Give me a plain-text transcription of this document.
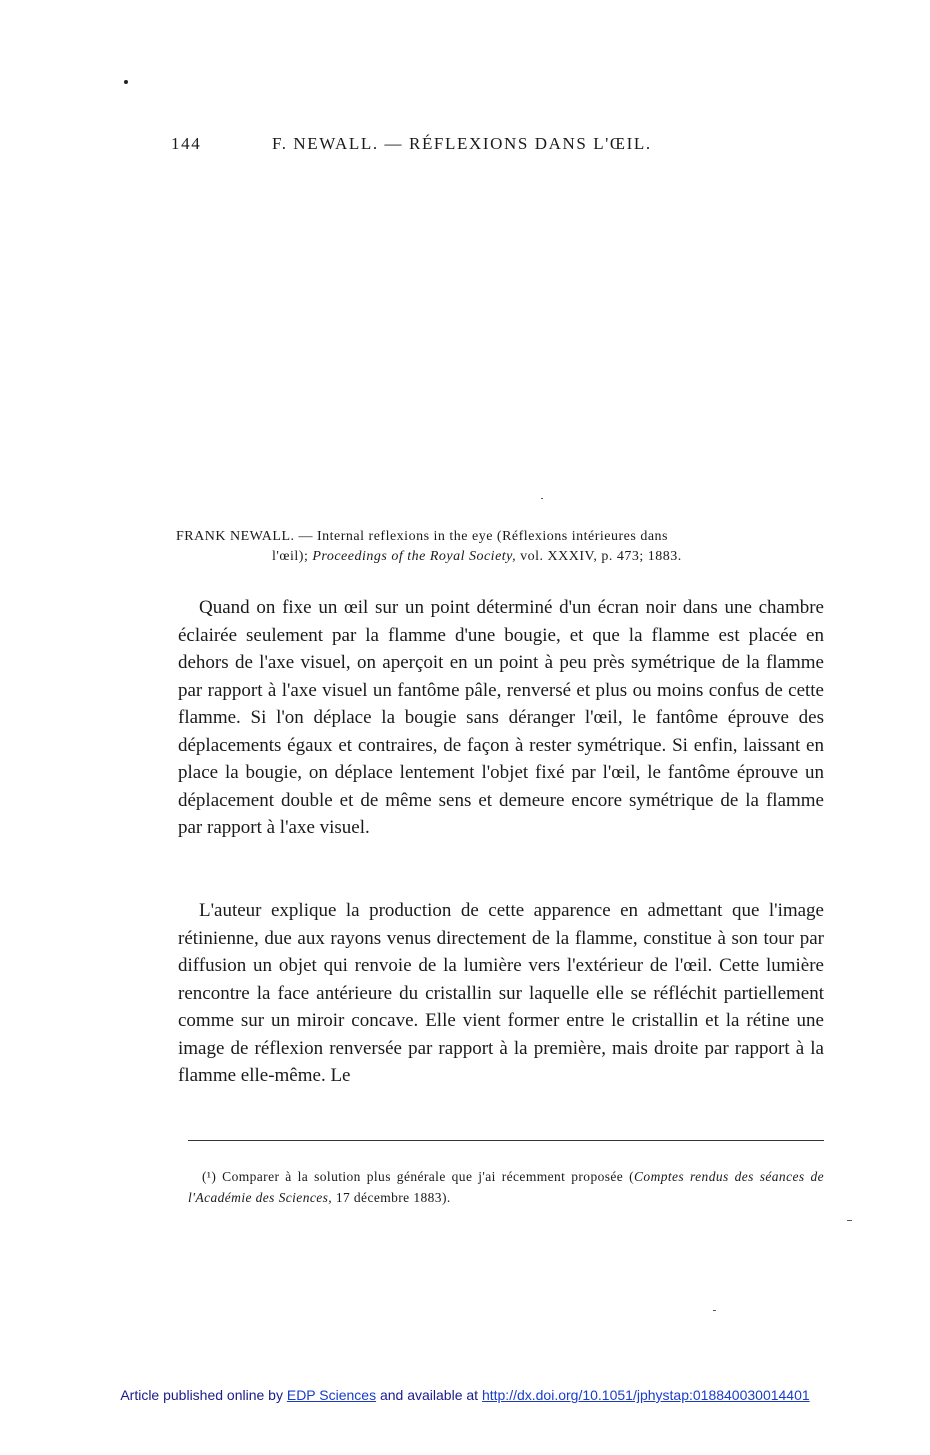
144	F. NEWALL. — RÉFLEXIONS DANS L'ŒIL.
FRANK NEWALL. — Internal reflexions in the eye (Réflexions intérieures dans
l'œil); Proceedings of the Royal Society, vol. XXXIV, p. 473; 1883.
Quand on fixe un œil sur un point déterminé d'un écran noir dans une chambre éclairée seulement par la flamme d'une bougie, et que la flamme est placée en dehors de l'axe visuel, on aperçoit en un point à peu près symétrique de la flamme par rapport à l'axe visuel un fantôme pâle, renversé et plus ou moins confus de cette flamme. Si l'on déplace la bougie sans déranger l'œil, le fantôme éprouve des déplacements égaux et contraires, de façon à rester symétrique. Si enfin, laissant en place la bougie, on déplace lentement l'objet fixé par l'œil, le fantôme éprouve un déplacement double et de même sens et demeure encore symétrique de la flamme par rapport à l'axe visuel.
L'auteur explique la production de cette apparence en admettant que l'image rétinienne, due aux rayons venus directement de la flamme, constitue à son tour par diffusion un objet qui renvoie de la lumière vers l'extérieur de l'œil. Cette lumière rencontre la face antérieure du cristallin sur laquelle elle se réfléchit partiellement comme sur un miroir concave. Elle vient former entre le cristallin et la rétine une image de réflexion renversée par rapport à la première, mais droite par rapport à la flamme elle-même. Le
(¹) Comparer à la solution plus générale que j'ai récemment proposée (Comptes rendus des séances de l'Académie des Sciences, 17 décembre 1883).
Article published online by EDP Sciences and available at http://dx.doi.org/10.1051/jphystap:018840030014401
